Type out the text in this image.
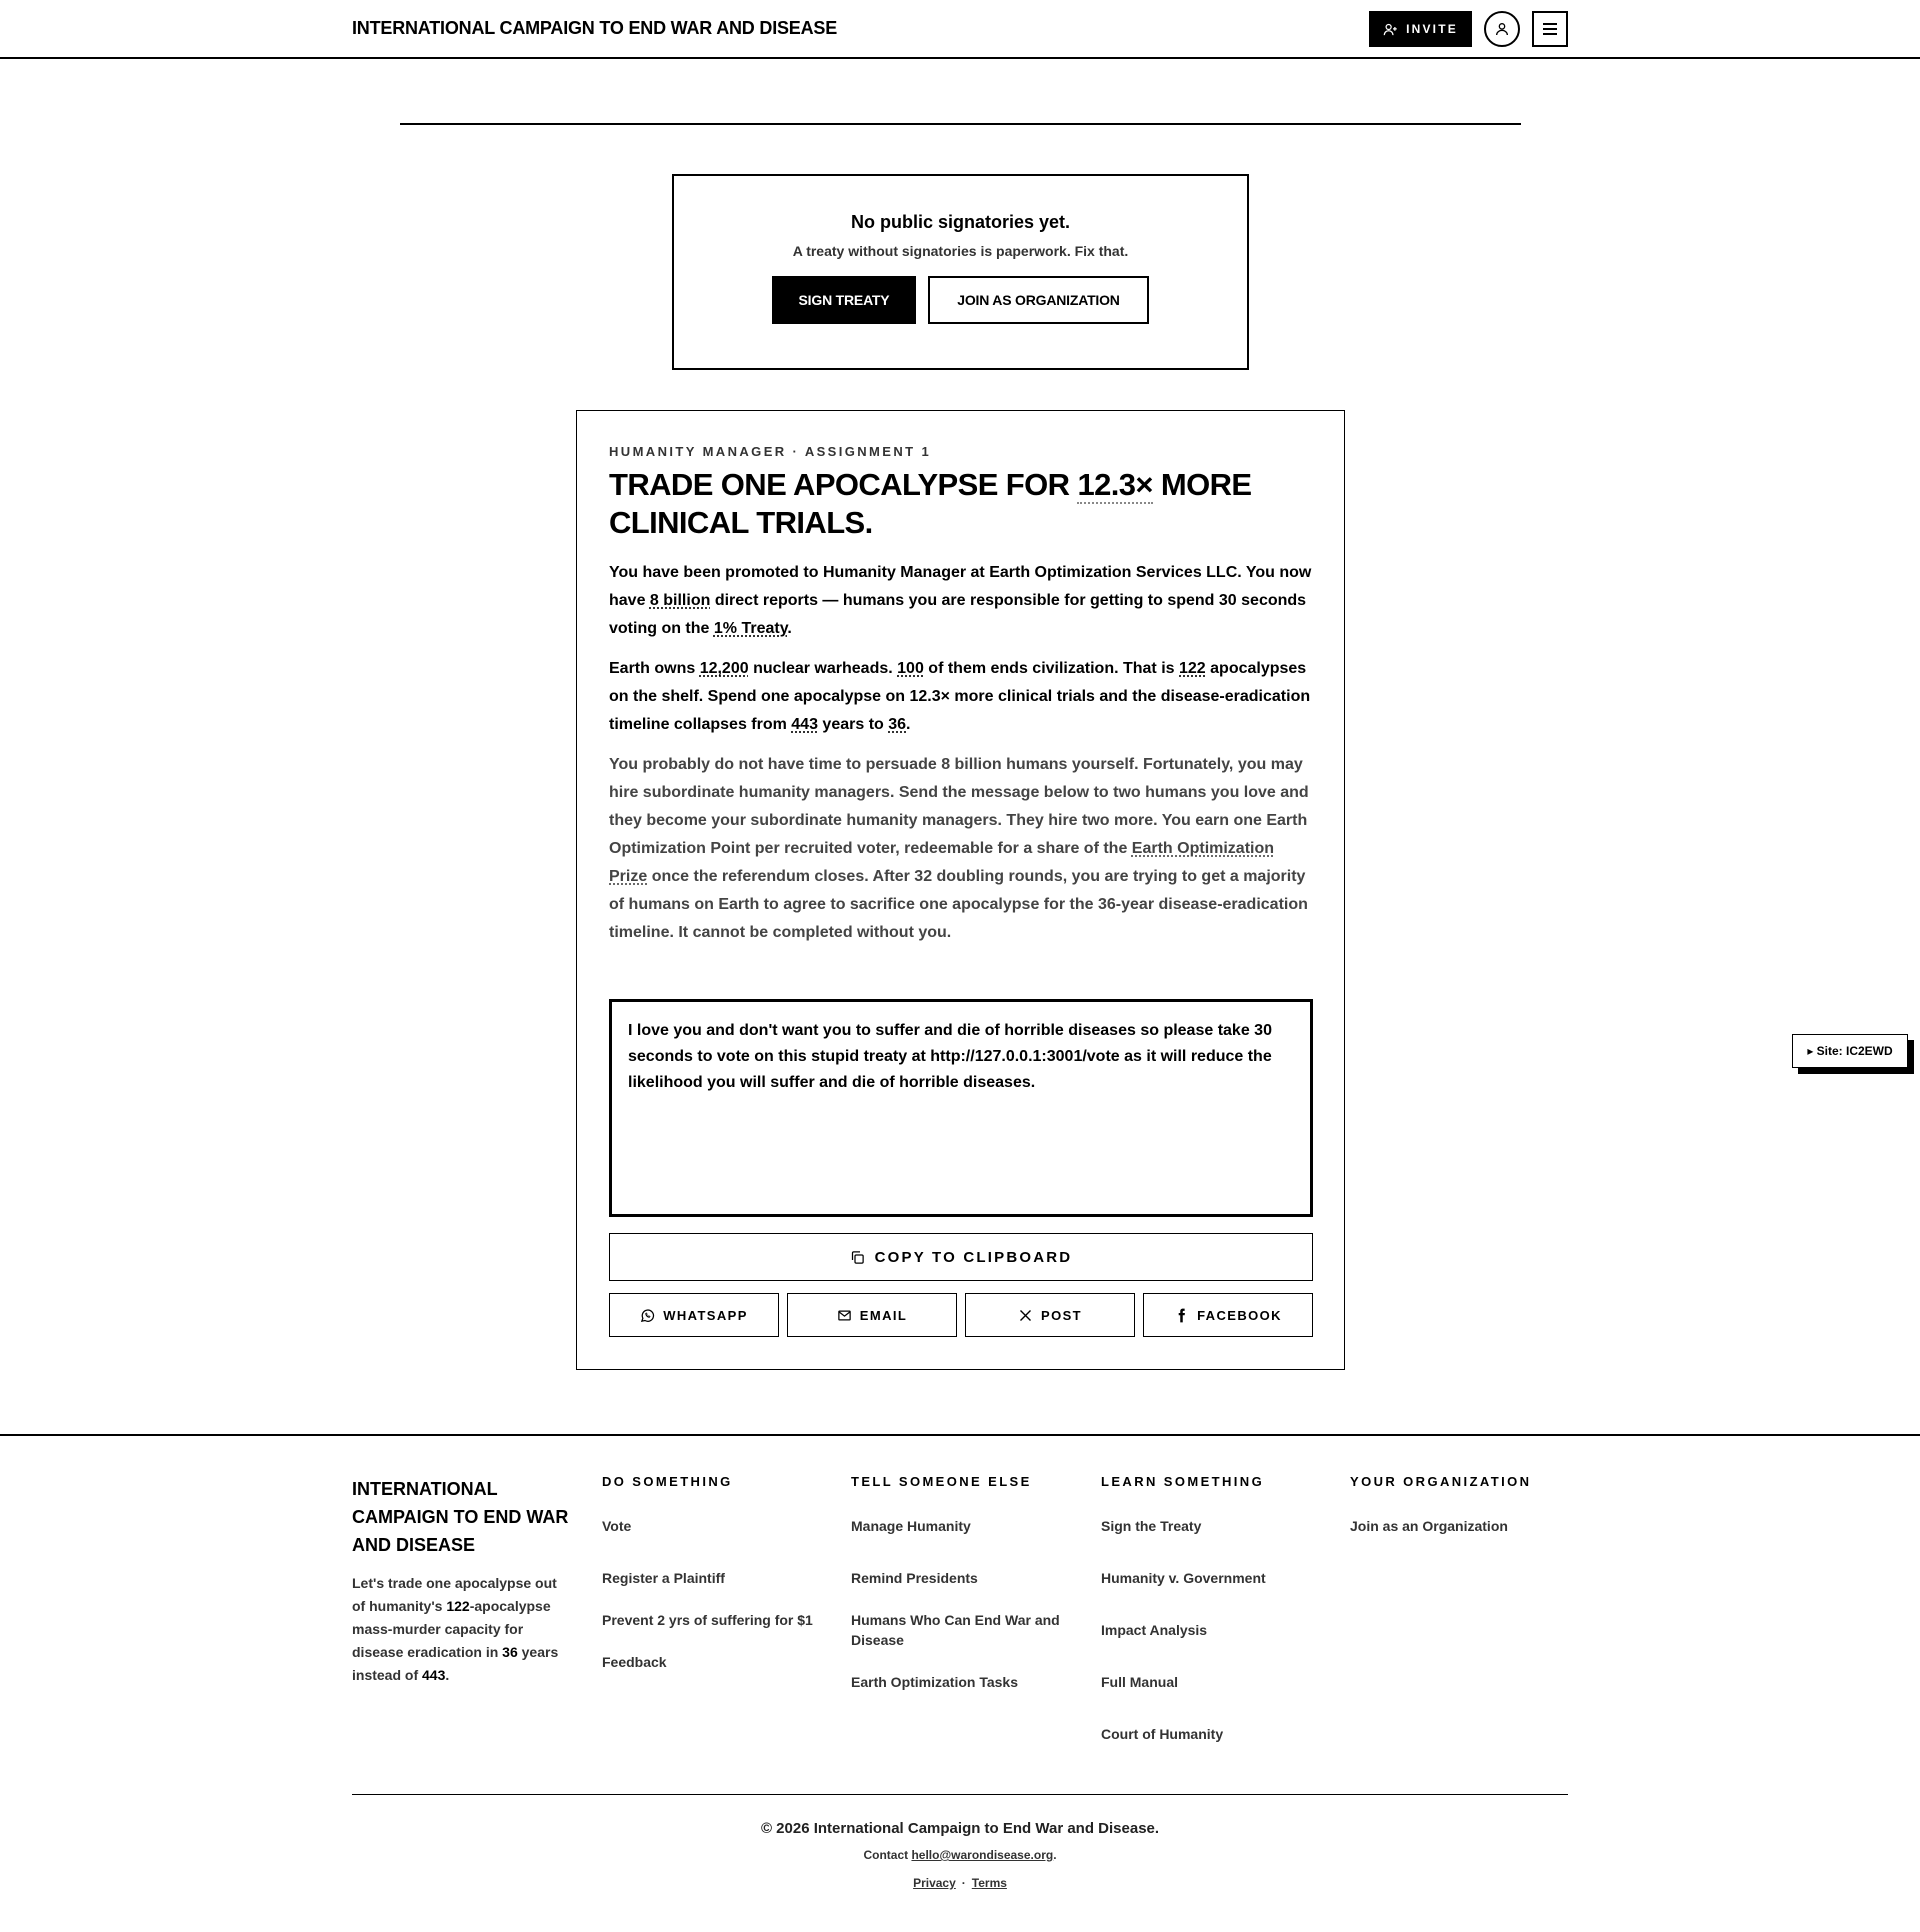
INTERNATIONAL CAMPAIGN TO END WAR AND DISEASE	INVITE
No public signatories yet.
A treaty without signatories is paperwork. Fix that.
SIGN TREATY	JOIN AS ORGANIZATION
HUMANITY MANAGER · ASSIGNMENT 1
TRADE ONE APOCALYPSE FOR 12.3× MORE CLINICAL TRIALS.

You have been promoted to Humanity Manager at Earth Optimization Services LLC. You now have 8 billion direct reports — humans you are responsible for getting to spend 30 seconds voting on the 1% Treaty.

Earth owns 12,200 nuclear warheads. 100 of them ends civilization. That is 122 apocalypses on the shelf. Spend one apocalypse on 12.3× more clinical trials and the disease-eradication timeline collapses from 443 years to 36.

You probably do not have time to persuade 8 billion humans yourself. Fortunately, you may hire subordinate humanity managers. Send the message below to two humans you love and they become your subordinate humanity managers. They hire two more. You earn one Earth Optimization Point per recruited voter, redeemable for a share of the Earth Optimization Prize once the referendum closes. After 32 doubling rounds, you are trying to get a majority of humans on Earth to agree to sacrifice one apocalypse for the 36-year disease-eradication timeline. It cannot be completed without you.

I love you and don't want you to suffer and die of horrible diseases so please take 30 seconds to vote on this stupid treaty at http://127.0.0.1:3001/vote as it will reduce the likelihood you will suffer and die of horrible diseases.
COPY TO CLIPBOARD
WHATSAPP	EMAIL	POST	FACEBOOK
▸ Site: IC2EWD
INTERNATIONAL CAMPAIGN TO END WAR AND DISEASE

Let's trade one apocalypse out of humanity's 122-apocalypse mass-murder capacity for disease eradication in 36 years instead of 443.

DO SOMETHING
Vote
Register a Plaintiff
Prevent 2 yrs of suffering for $1
Feedback
TELL SOMEONE ELSE
Manage Humanity
Remind Presidents
Humans Who Can End War and Disease
Earth Optimization Tasks
LEARN SOMETHING
Sign the Treaty
Humanity v. Government
Impact Analysis
Full Manual
Court of Humanity
YOUR ORGANIZATION
Join as an Organization
© 2026 International Campaign to End War and Disease.
Contact hello@warondisease.org.
Privacy · Terms
